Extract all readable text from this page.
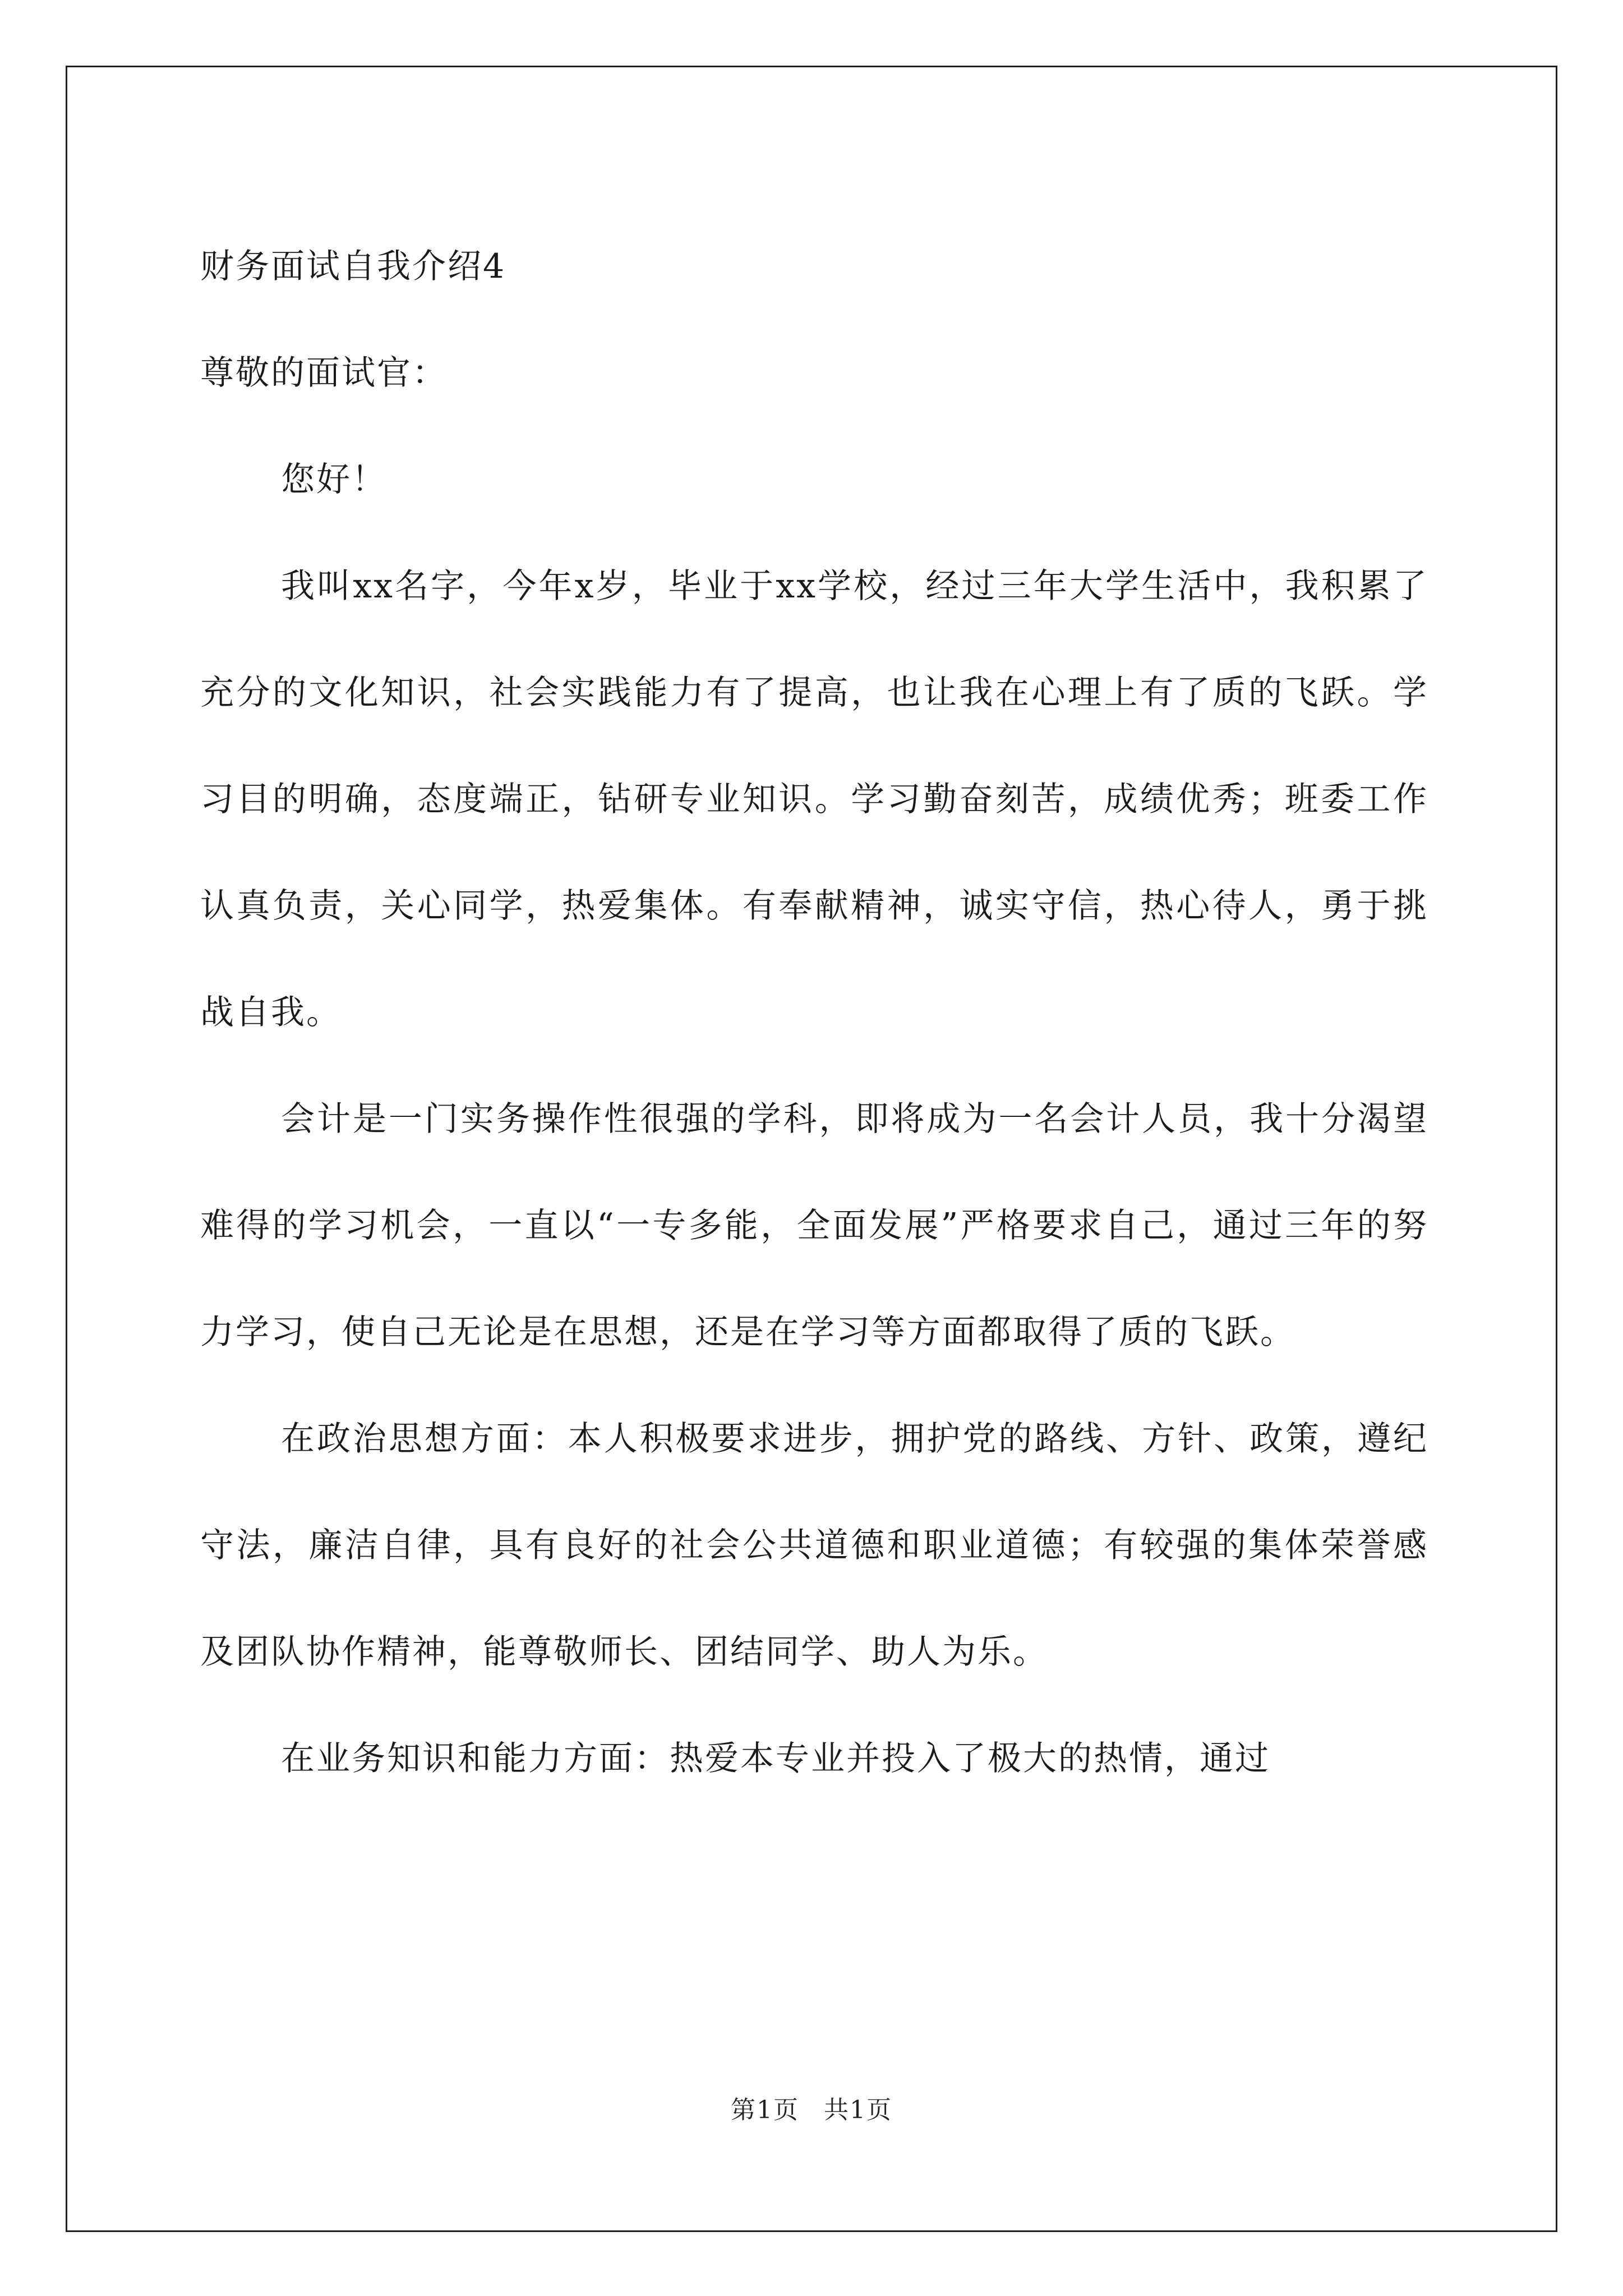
财务面试自我介绍4
尊敬的面试官：
您好！

我叫xx名字，今年x岁，毕业于xx学校，经过三年大学生活中，我积累了充分的文化知识，社会实践能力有了提高，也让我在心理上有了质的飞跃。学习目的明确，态度端正，钻研专业知识。学习勤奋刻苦，成绩优秀；班委工作认真负责，关心同学，热爱集体。有奉献精神，诚实守信，热心待人，勇于挑战自我。

会计是一门实务操作性很强的学科，即将成为一名会计人员，我十分渴望难得的学习机会，一直以“一专多能，全面发展”严格要求自己，通过三年的努力学习，使自己无论是在思想，还是在学习等方面都取得了质的飞跃。

在政治思想方面：本人积极要求进步，拥护党的路线、方针、政策，遵纪守法，廉洁自律，具有良好的社会公共道德和职业道德；有较强的集体荣誉感及团队协作精神，能尊敬师长、团结同学、助人为乐。

在业务知识和能力方面：热爱本专业并投入了极大的热情，通过

第1页 共1页
